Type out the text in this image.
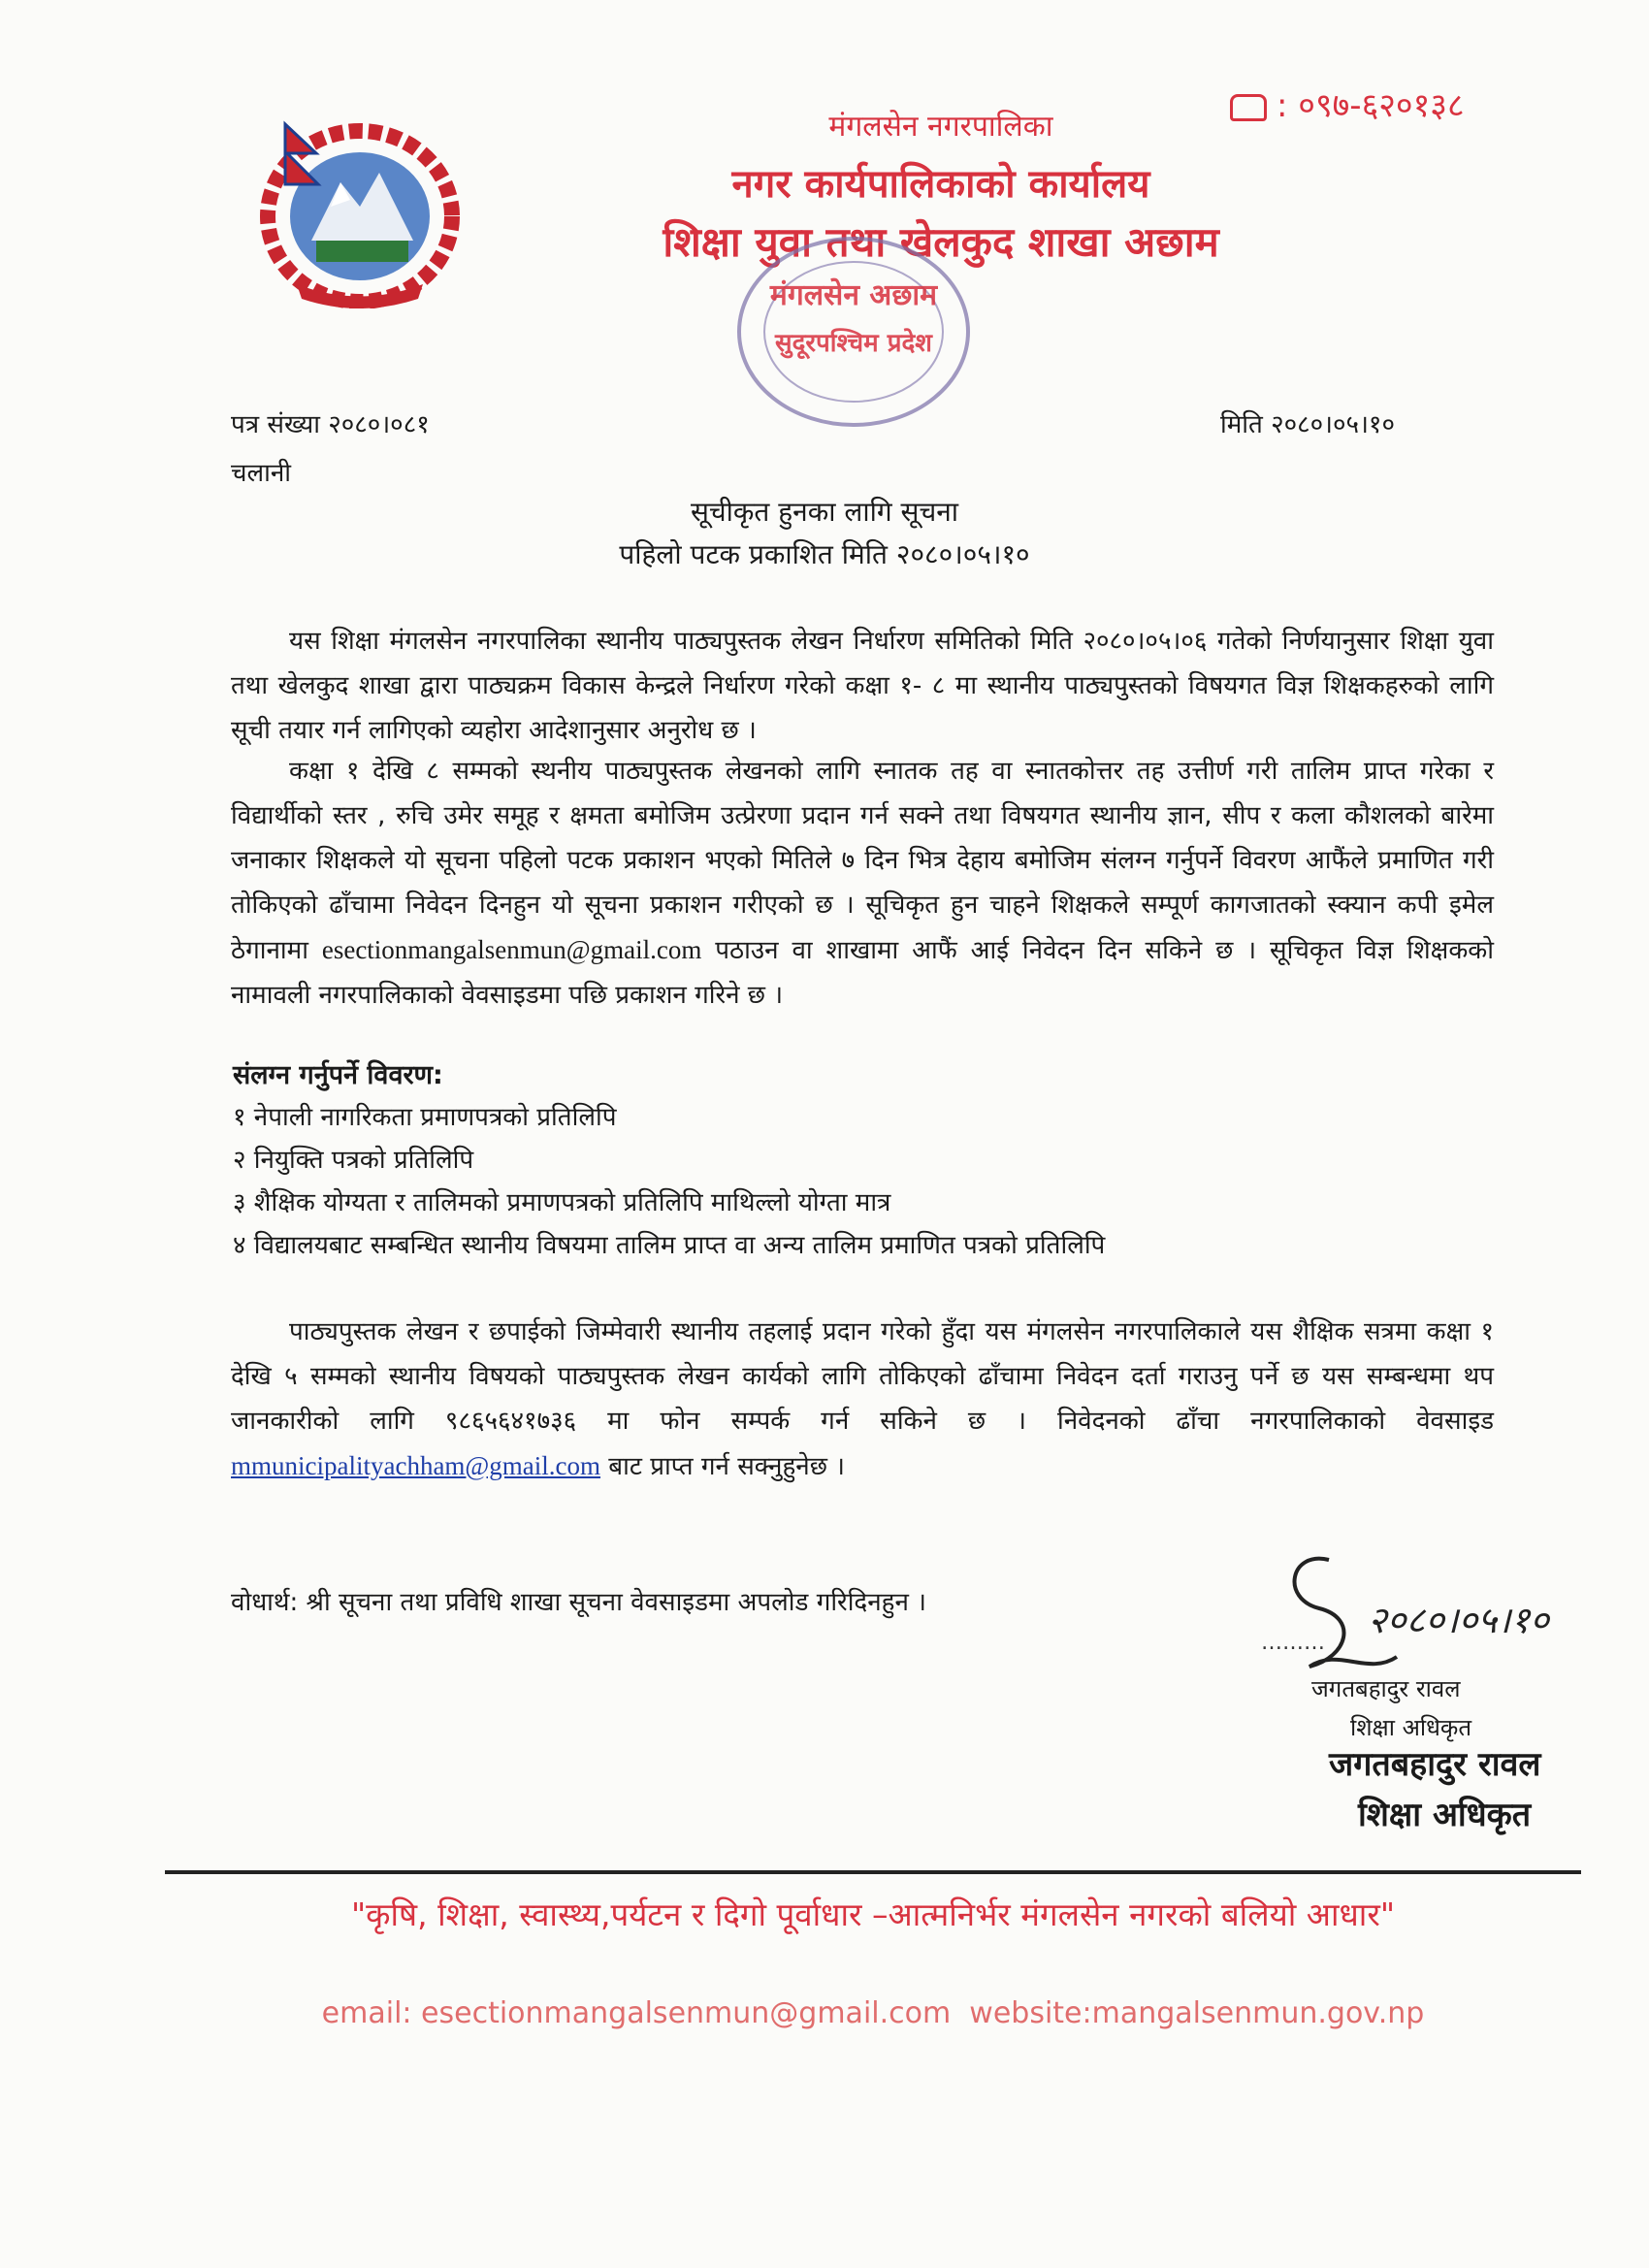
: ०९७-६२०१३८
मंगलसेन नगरपालिका
नगर कार्यपालिकाको कार्यालय
शिक्षा युवा तथा खेलकुद शाखा अछाम
मंगलसेन अछाम
सुदूरपश्चिम प्रदेश
पत्र संख्या २०८०।०८१
चलानी
मिति २०८०।०५।१०
सूचीकृत हुनका लागि सूचना
पहिलो पटक प्रकाशित मिति २०८०।०५।१०

यस शिक्षा मंगलसेन नगरपालिका स्थानीय पाठ्यपुस्तक लेखन निर्धारण समितिको मिति २०८०।०५।०६ गतेको निर्णयानुसार शिक्षा युवा तथा खेलकुद शाखा द्वारा पाठ्यक्रम विकास केन्द्रले निर्धारण गरेको कक्षा १- ८ मा स्थानीय पाठ्यपुस्तको विषयगत विज्ञ शिक्षकहरुको लागि सूची तयार गर्न लागिएको व्यहोरा आदेशानुसार अनुरोध छ ।

कक्षा १ देखि ८ सम्मको स्थनीय पाठ्यपुस्तक लेखनको लागि स्नातक तह वा स्नातकोत्तर तह उत्तीर्ण गरी तालिम प्राप्त गरेका र विद्यार्थीको स्तर , रुचि उमेर समूह र क्षमता बमोजिम उत्प्रेरणा प्रदान गर्न सक्ने तथा विषयगत स्थानीय ज्ञान, सीप र कला कौशलको बारेमा जनाकार शिक्षकले यो सूचना पहिलो पटक प्रकाशन भएको मितिले ७ दिन भित्र देहाय बमोजिम संलग्न गर्नुपर्ने विवरण आफैंले प्रमाणित गरी तोकिएको ढाँचामा निवेदन दिनहुन यो सूचना प्रकाशन गरीएको छ । सूचिकृत हुन चाहने शिक्षकले सम्पूर्ण कागजातको स्क्यान कपी इमेल ठेगानामा esectionmangalsenmun@gmail.com पठाउन वा शाखामा आफैं आई निवेदन दिन सकिने छ । सूचिकृत विज्ञ शिक्षकको नामावली नगरपालिकाको वेवसाइडमा पछि प्रकाशन गरिने छ ।

संलग्न गर्नुपर्ने विवरण:
१ नेपाली नागरिकता प्रमाणपत्रको प्रतिलिपि
२ नियुक्ति पत्रको प्रतिलिपि
३ शैक्षिक योग्यता र तालिमको प्रमाणपत्रको प्रतिलिपि माथिल्लो योग्ता मात्र
४ विद्यालयबाट सम्बन्धित स्थानीय विषयमा तालिम प्राप्त वा अन्य तालिम प्रमाणित पत्रको प्रतिलिपि

पाठ्यपुस्तक लेखन र छपाईको जिम्मेवारी स्थानीय तहलाई प्रदान गरेको हुँदा यस मंगलसेन नगरपालिकाले यस शैक्षिक सत्रमा कक्षा १ देखि ५ सम्मको स्थानीय विषयको पाठ्यपुस्तक लेखन कार्यको लागि तोकिएको ढाँचामा निवेदन दर्ता गराउनु पर्ने छ यस सम्बन्धमा थप जानकारीको लागि ९८६५६४१७३६ मा फोन सम्पर्क गर्न सकिने छ । निवेदनको ढाँचा नगरपालिकाको वेवसाइड mmunicipalityachham@gmail.com बाट प्राप्त गर्न सक्नुहुनेछ ।

वोधार्थ: श्री सूचना तथा प्रविधि शाखा सूचना वेवसाइडमा अपलोड गरिदिनहुन ।	२०८०।०५।१०
………
जगतबहादुर रावल
शिक्षा अधिकृत
जगतबहादुर रावल
शिक्षा अधिकृत
"कृषि, शिक्षा, स्वास्थ्य,पर्यटन र दिगो पूर्वाधार –आत्मनिर्भर मंगलसेन नगरको बलियो आधार"
email: esectionmangalsenmun@gmail.com website:mangalsenmun.gov.np
